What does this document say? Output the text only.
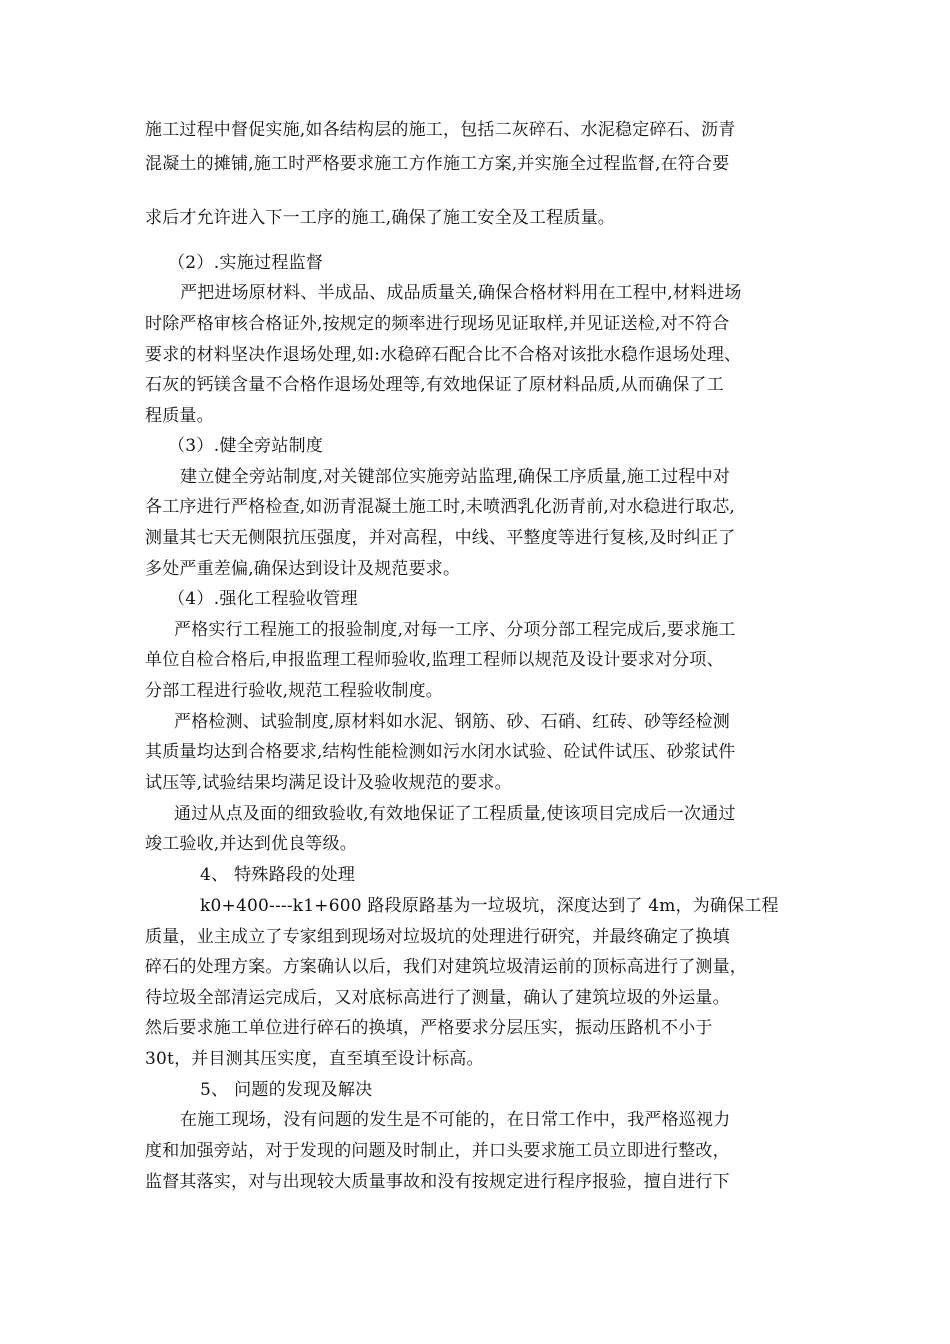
施工过程中督促实施,如各结构层的施工，包括二灰碎石、水泥稳定碎石、沥青
混凝土的摊铺,施工时严格要求施工方作施工方案,并实施全过程监督,在符合要
求后才允许进入下一工序的施工,确保了施工安全及工程质量。
（2）.实施过程监督
严把进场原材料、半成品、成品质量关,确保合格材料用在工程中,材料进场
时除严格审核合格证外,按规定的频率进行现场见证取样,并见证送检,对不符合
要求的材料坚决作退场处理,如:水稳碎石配合比不合格对该批水稳作退场处理、
石灰的钙镁含量不合格作退场处理等,有效地保证了原材料品质,从而确保了工
程质量。
（3）.健全旁站制度
建立健全旁站制度,对关键部位实施旁站监理,确保工序质量,施工过程中对
各工序进行严格检查,如沥青混凝土施工时,未喷洒乳化沥青前,对水稳进行取芯,
测量其七天无侧限抗压强度，并对高程，中线、平整度等进行复核,及时纠正了
多处严重差偏,确保达到设计及规范要求。
（4）.强化工程验收管理
严格实行工程施工的报验制度,对每一工序、分项分部工程完成后,要求施工
单位自检合格后,申报监理工程师验收,监理工程师以规范及设计要求对分项、
分部工程进行验收,规范工程验收制度。
严格检测、试验制度,原材料如水泥、钢筋、砂、石硝、红砖、砂等经检测
其质量均达到合格要求,结构性能检测如污水闭水试验、砼试件试压、砂浆试件
试压等,试验结果均满足设计及验收规范的要求。
通过从点及面的细致验收,有效地保证了工程质量,使该项目完成后一次通过
竣工验收,并达到优良等级。
4、 特殊路段的处理
k0+400----k1+600 路段原路基为一垃圾坑，深度达到了 4m，为确保工程
质量，业主成立了专家组到现场对垃圾坑的处理进行研究，并最终确定了换填
碎石的处理方案。方案确认以后，我们对建筑垃圾清运前的顶标高进行了测量，
待垃圾全部清运完成后，又对底标高进行了测量，确认了建筑垃圾的外运量。
然后要求施工单位进行碎石的换填，严格要求分层压实，振动压路机不小于
30t，并目测其压实度，直至填至设计标高。
5、 问题的发现及解决
在施工现场，没有问题的发生是不可能的，在日常工作中，我严格巡视力
度和加强旁站，对于发现的问题及时制止，并口头要求施工员立即进行整改，
监督其落实，对与出现较大质量事故和没有按规定进行程序报验，擅自进行下
